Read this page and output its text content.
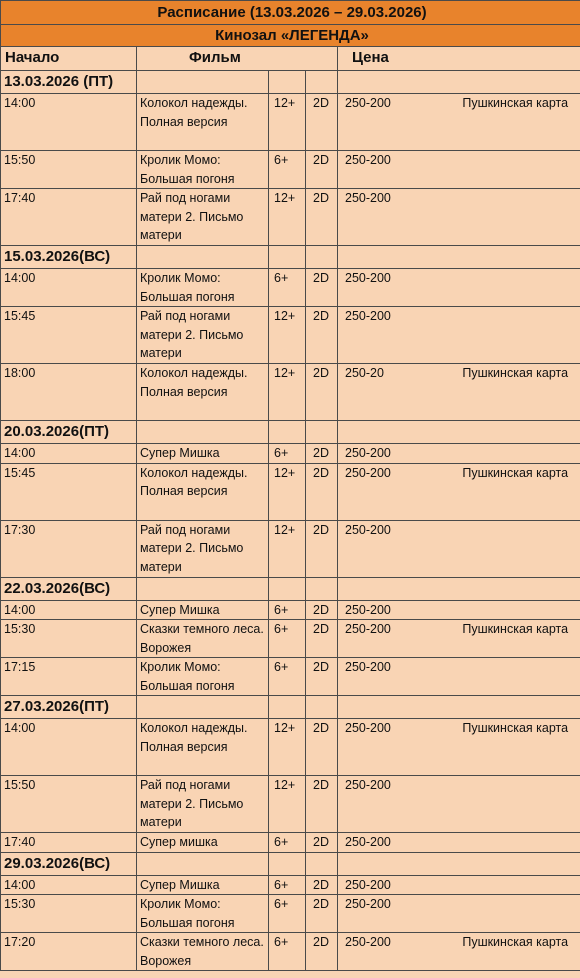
Расписание (13.03.2026 – 29.03.2026)				
Кинозал «ЛЕГЕНДА»				
Начало	Фильм			Цена
13.03.2026 (ПТ)				
14:00	Колокол надежды. Полная версия	12+	2D	250-200 Пушкинская карта

15:50	Кролик Момо: Большая погоня	6+	2D	250-200

17:40	Рай под ногами матери 2. Письмо матери	12+	2D	250-200

15.03.2026(ВС)				
14:00	Кролик Момо: Большая погоня	6+	2D	250-200

15:45	Рай под ногами матери 2. Письмо матери	12+	2D	250-200

18:00	Колокол надежды. Полная версия	12+	2D	250-20 Пушкинская карта

20.03.2026(ПТ)				
14:00	Супер Мишка	6+	2D	250-200

15:45	Колокол надежды. Полная версия	12+	2D	250-200 Пушкинская карта

17:30	Рай под ногами матери 2. Письмо матери	12+	2D	250-200

22.03.2026(ВС)				
14:00	Супер Мишка	6+	2D	250-200

15:30	Сказки темного леса. Ворожея	6+	2D	250-200 Пушкинская карта

17:15	Кролик Момо: Большая погоня	6+	2D	250-200

27.03.2026(ПТ)				
14:00	Колокол надежды. Полная версия	12+	2D	250-200 Пушкинская карта

15:50	Рай под ногами матери 2. Письмо матери	12+	2D	250-200

17:40	Супер мишка	6+	2D	250-200

29.03.2026(ВС)				
14:00	Супер Мишка	6+	2D	250-200

15:30	Кролик Момо: Большая погоня	6+	2D	250-200

17:20	Сказки темного леса. Ворожея	6+	2D	250-200 Пушкинская карта
